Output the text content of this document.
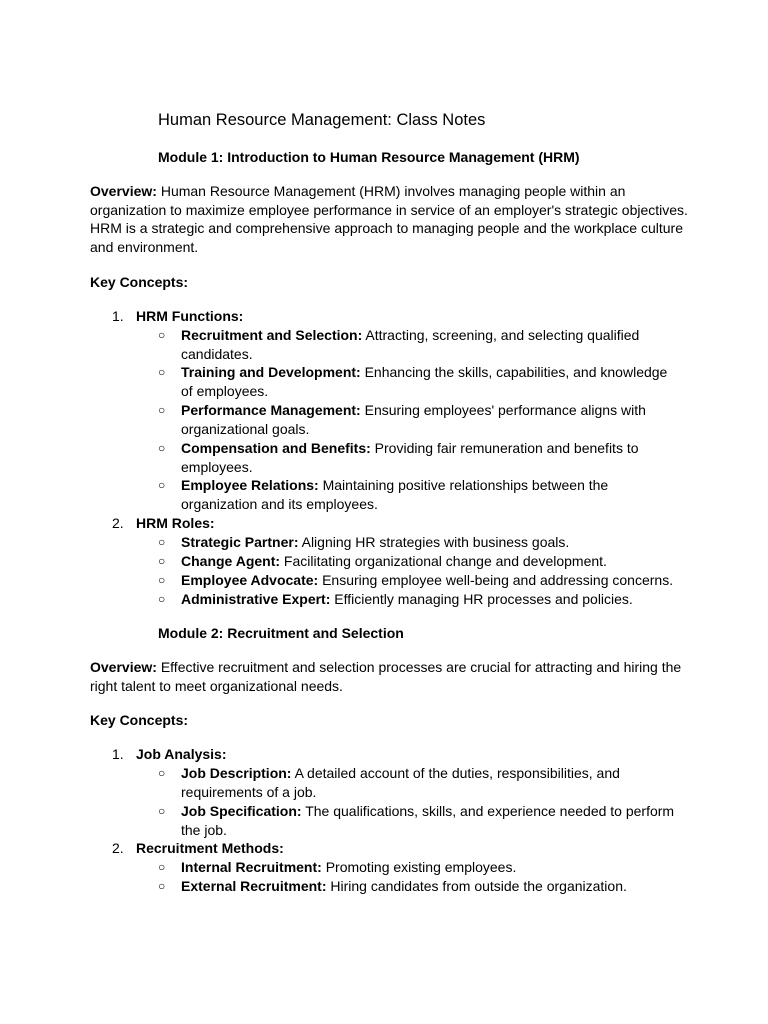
Human Resource Management: Class Notes
Module 1: Introduction to Human Resource Management (HRM)
Overview: Human Resource Management (HRM) involves managing people within an organization to maximize employee performance in service of an employer's strategic objectives. HRM is a strategic and comprehensive approach to managing people and the workplace culture and environment.
Key Concepts:
1. HRM Functions:
○ Recruitment and Selection: Attracting, screening, and selecting qualified candidates.
○ Training and Development: Enhancing the skills, capabilities, and knowledge of employees.
○ Performance Management: Ensuring employees' performance aligns with organizational goals.
○ Compensation and Benefits: Providing fair remuneration and benefits to employees.
○ Employee Relations: Maintaining positive relationships between the organization and its employees.
2. HRM Roles:
○ Strategic Partner: Aligning HR strategies with business goals.
○ Change Agent: Facilitating organizational change and development.
○ Employee Advocate: Ensuring employee well-being and addressing concerns.
○ Administrative Expert: Efficiently managing HR processes and policies.
Module 2: Recruitment and Selection
Overview: Effective recruitment and selection processes are crucial for attracting and hiring the right talent to meet organizational needs.
Key Concepts:
1. Job Analysis:
○ Job Description: A detailed account of the duties, responsibilities, and requirements of a job.
○ Job Specification: The qualifications, skills, and experience needed to perform the job.
2. Recruitment Methods:
○ Internal Recruitment: Promoting existing employees.
○ External Recruitment: Hiring candidates from outside the organization.
